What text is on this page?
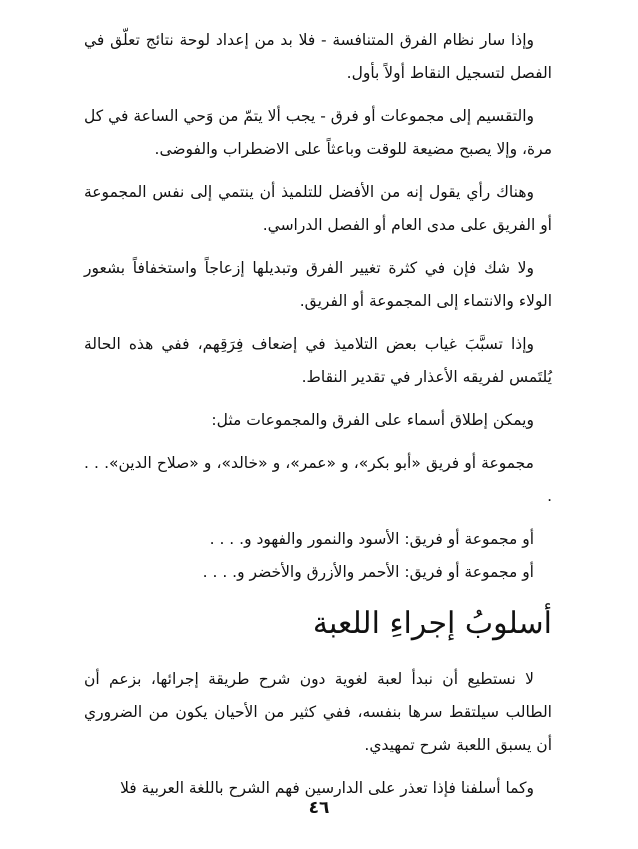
وإذا سار نظام الفرق المتنافسة - فلا بد من إعداد لوحة نتائج تعلّق في الفصل لتسجيل النقاط أولاً بأول.

والتقسيم إلى مجموعات أو فرق - يجب ألا يتمّ من وَحي الساعة في كل مرة، وإلا يصبح مضيعة للوقت وباعثاً على الاضطراب والفوضى.

وهناك رأي يقول إنه من الأفضل للتلميذ أن ينتمي إلى نفس المجموعة أو الفريق على مدى العام أو الفصل الدراسي.

ولا شك فإن في كثرة تغيير الفرق وتبديلها إزعاجاً واستخفافاً بشعور الولاء والانتماء إلى المجموعة أو الفريق.

وإذا تسبَّبَ غياب بعض التلاميذ في إضعاف فِرَقِهم، ففي هذه الحالة يُلتَمس لفريقه الأعذار في تقدير النقاط.

ويمكن إطلاق أسماء على الفرق والمجموعات مثل:

مجموعة أو فريق «أبو بكر»، و «عمر»، و «خالد»، و «صلاح الدين». . . .

أو مجموعة أو فريق: الأسود والنمور والفهود و. . . .

أو مجموعة أو فريق: الأحمر والأزرق والأخضر و. . . .

أسلوبُ إجراءِ اللعبة

لا نستطيع أن نبدأ لعبة لغوية دون شرح طريقة إجرائها، بزعم أن الطالب سيلتقط سرها بنفسه، ففي كثير من الأحيان يكون من الضروري أن يسبق اللعبة شرح تمهيدي.

وكما أسلفنا فإذا تعذر على الدارسين فهم الشرح باللغة العربية فلا

٤٦
